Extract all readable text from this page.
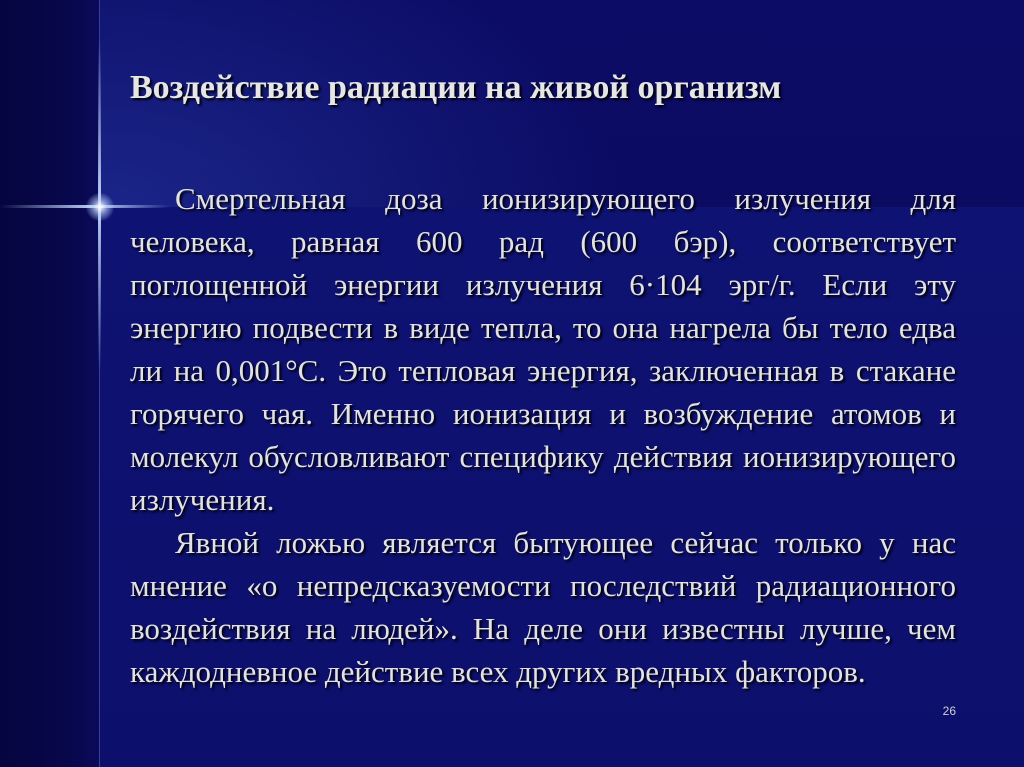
Воздействие радиации на живой организм

Смертельная доза ионизирующего излучения для человека, равная 600 рад (600 бэр), соответствует поглощенной энергии излучения 6·104 эрг/г. Если эту энергию подвести в виде тепла, то она нагрела бы тело едва ли на 0,001°С. Это тепловая энергия, заключенная в стакане горячего чая. Именно ионизация и возбуждение атомов и молекул обусловливают специфику действия ионизирующего излучения.

Явной ложью является бытующее сейчас только у нас мнение «о непредсказуемости последствий радиационного воздействия на людей». На деле они известны лучше, чем каждодневное действие всех других вредных факторов.

26
